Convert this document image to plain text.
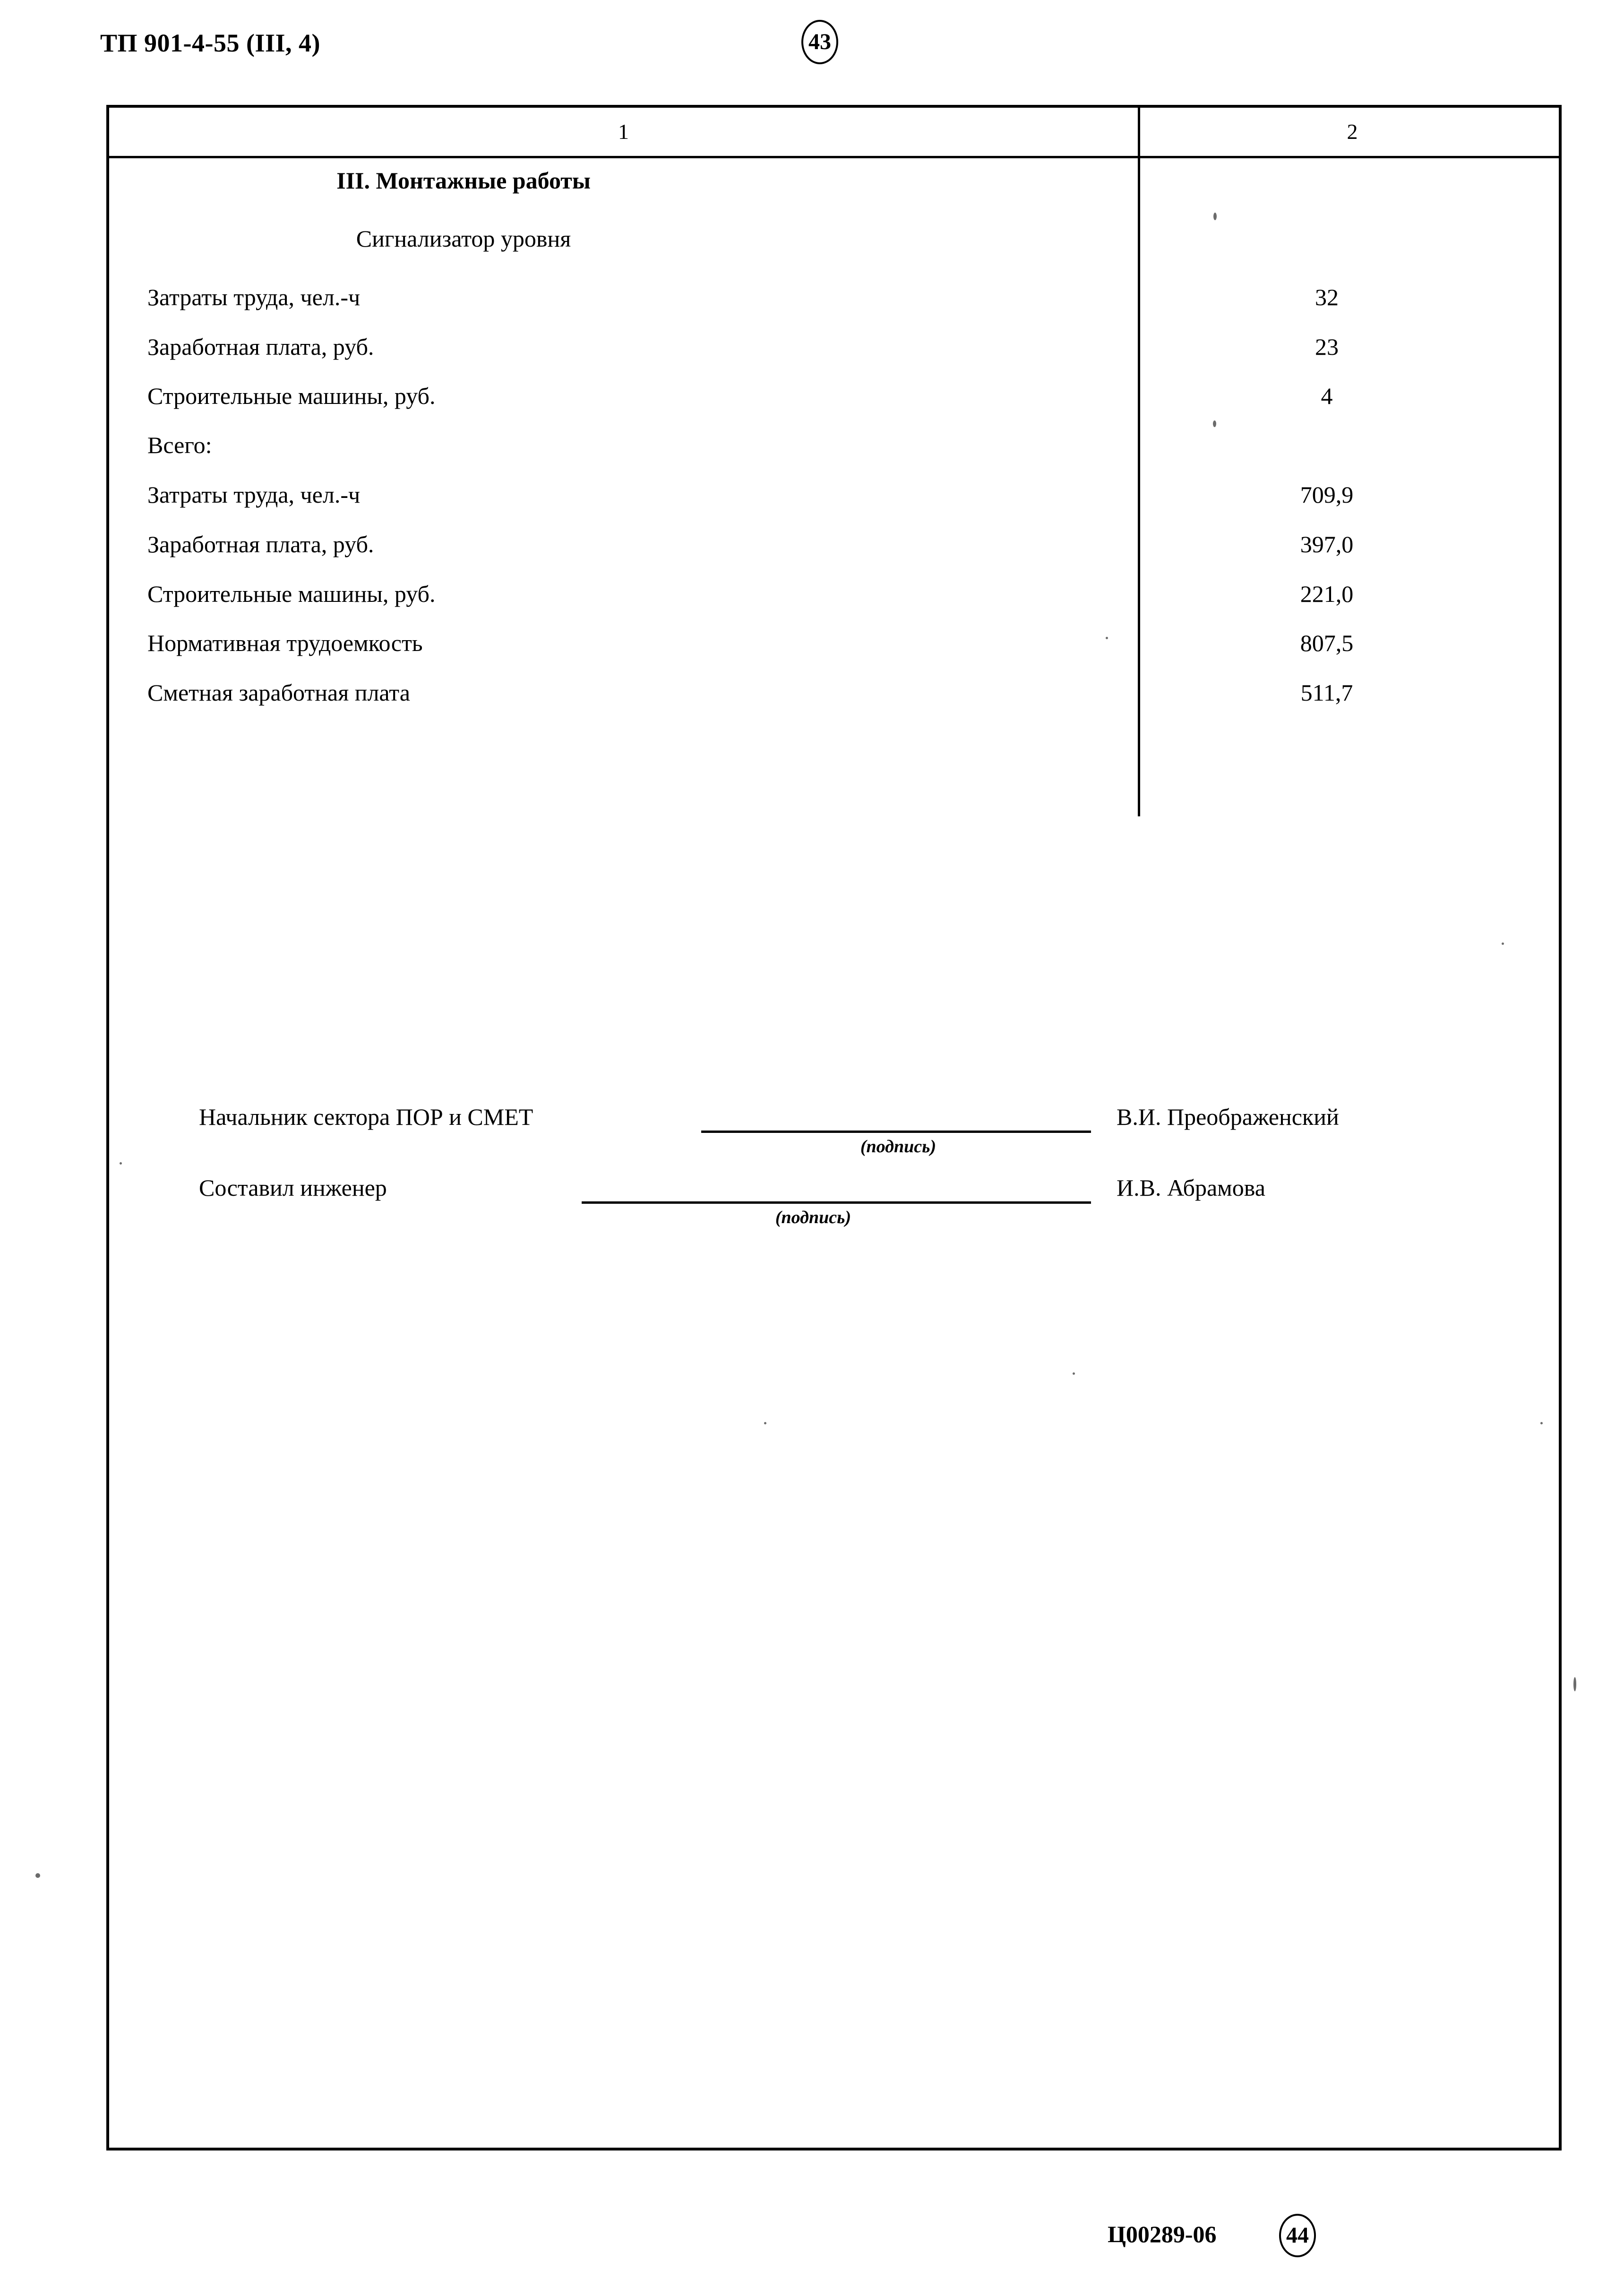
ТП 901-4-55 (III, 4)	43
1	2
III. Монтажные работы
Сигнализатор уровня
Затраты труда, чел.-ч	32
Заработная плата, руб.	23
Строительные машины, руб.	4
Всего:
Затраты труда, чел.-ч	709,9
Заработная плата, руб.	397,0
Строительные машины, руб.	221,0
Нормативная трудоемкость	807,5
Сметная заработная плата	511,7
Начальник сектора ПОР и СМЕТ
(подпись)
В.И. Преображенский
Составил инженер
(подпись)
И.В. Абрамова
Ц00289-06	44
